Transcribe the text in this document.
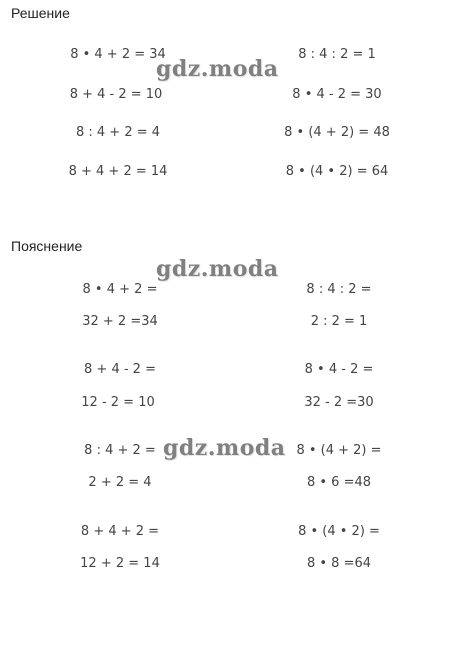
Решение
8 • 4 + 2 = 34
8 + 4 - 2 = 10
8 : 4 + 2 = 4
8 + 4 + 2 = 14
8 : 4 : 2 = 1
8 • 4 - 2 = 30
8 • (4 + 2) = 48
8 • (4 • 2) = 64
Пояснение
8 • 4 + 2 =
32 + 2 =34
8 + 4 - 2 =
12 - 2 = 10
8 : 4 + 2 =
2 + 2 = 4
8 + 4 + 2 =
12 + 2 = 14
8 : 4 : 2 =
2 : 2 = 1
8 • 4 - 2 =
32 - 2 =30
8 • (4 + 2) =
8 • 6 =48
8 • (4 • 2) =
8 • 8 =64
gdz.moda
gdz.moda
gdz.moda
